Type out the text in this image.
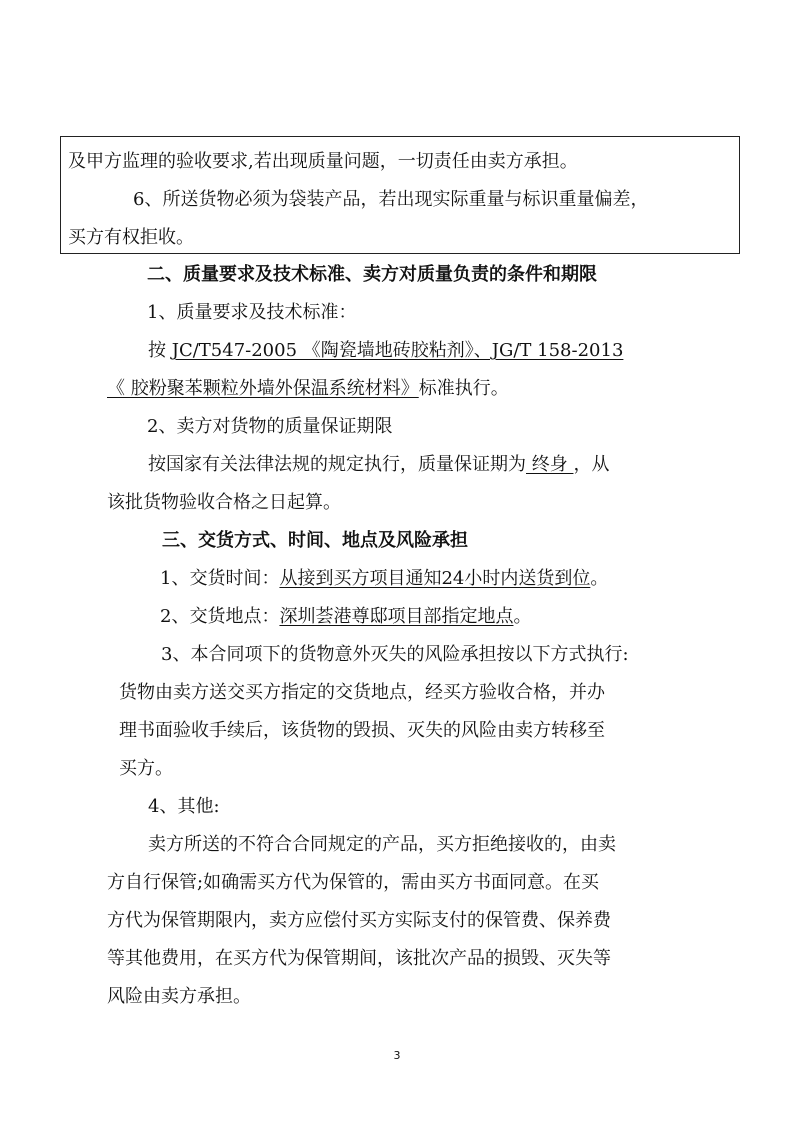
及甲方监理的验收要求,若出现质量问题，一切责任由卖方承担。
6、所送货物必须为袋装产品，若出现实际重量与标识重量偏差，
买方有权拒收。
二、质量要求及技术标准、卖方对质量负责的条件和期限
1、质量要求及技术标准：
按 JC/T547-2005 《陶瓷墙地砖胶粘剂》、JG/T 158-2013
《 胶粉聚苯颗粒外墙外保温系统材料》标准执行。
2、卖方对货物的质量保证期限
按国家有关法律法规的规定执行，质量保证期为 终身 ，从
该批货物验收合格之日起算。
三、交货方式、时间、地点及风险承担
1、交货时间：从接到买方项目通知24小时内送货到位。
2、交货地点：深圳荟港尊邸项目部指定地点。
3、本合同项下的货物意外灭失的风险承担按以下方式执行:
货物由卖方送交买方指定的交货地点，经买方验收合格，并办
理书面验收手续后，该货物的毁损、灭失的风险由卖方转移至
买方。
4、其他:
卖方所送的不符合合同规定的产品，买方拒绝接收的，由卖
方自行保管;如确需买方代为保管的，需由买方书面同意。在买
方代为保管期限内，卖方应偿付买方实际支付的保管费、保养费
等其他费用，在买方代为保管期间，该批次产品的损毁、灭失等
风险由卖方承担。
3
